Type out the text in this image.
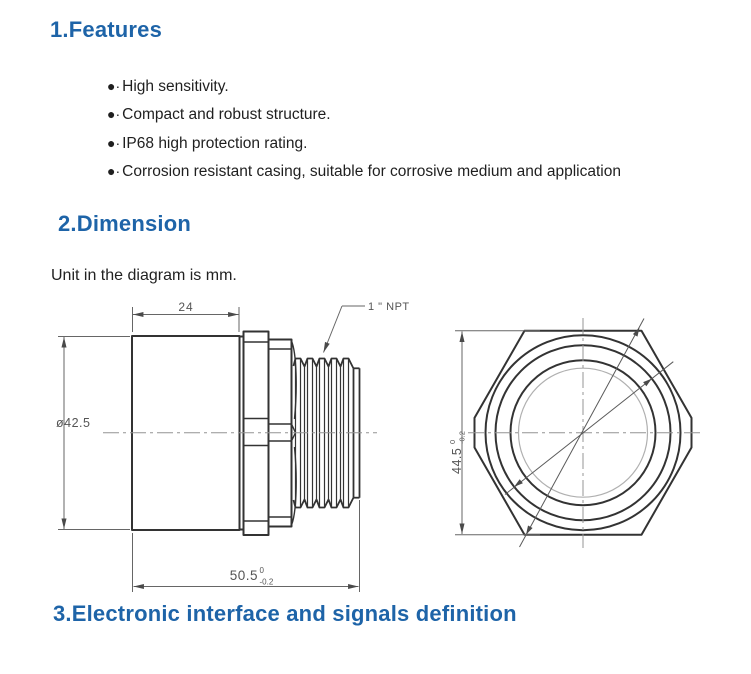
1.Features
●· High sensitivity.
●· Compact and robust structure.
●· IP68 high protection rating.
●· Corrosion resistant casing, suitable for corrosive medium and application
2.Dimension
Unit in the diagram is mm.
24
ø42.5
1 " NPT
50.5 0
-0.2
44.5
0 -0.2
3.Electronic interface and signals definition
